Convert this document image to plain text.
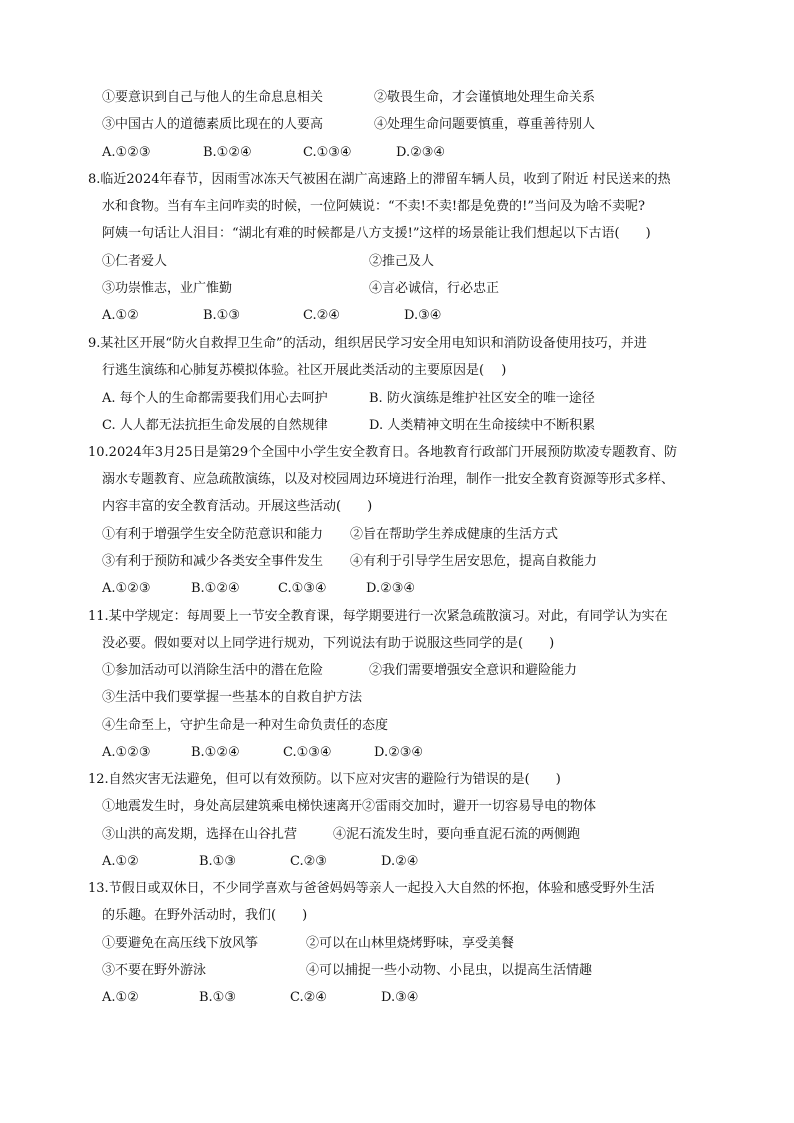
①要意识到自己与他人的生命息息相关	②敬畏生命，才会谨慎地处理生命关系
③中国古人的道德素质比现在的人要高	④处理生命问题要慎重，尊重善待别人
A.①②③	B.①②④	C.①③④	D.②③④
8.临近2024年春节，因雨雪冰冻天气被困在湖广高速路上的滞留车辆人员，收到了附近 村民送来的热
水和食物。当有车主问咋卖的时候，一位阿姨说：“不卖!不卖!都是免费的!”当问及为啥不卖呢?
阿姨一句话让人泪目：“湖北有难的时候都是八方支援!”这样的场景能让我们想起以下古语(　　)
①仁者爱人	②推己及人
③功崇惟志，业广惟勤	④言必诚信，行必忠正
A.①②	B.①③	C.②④	D.③④
9.某社区开展“防火自救捍卫生命”的活动，组织居民学习安全用电知识和消防设备使用技巧，并进
行逃生演练和心肺复苏模拟体验。社区开展此类活动的主要原因是(　 )
A. 每个人的生命都需要我们用心去呵护	B. 防火演练是维护社区安全的唯一途径
C. 人人都无法抗拒生命发展的自然规律	D. 人类精神文明在生命接续中不断积累
10.2024年3月25日是第29个全国中小学生安全教育日。各地教育行政部门开展预防欺凌专题教育、防
溺水专题教育、应急疏散演练，以及对校园周边环境进行治理，制作一批安全教育资源等形式多样、
内容丰富的安全教育活动。开展这些活动(　　)
①有利于增强学生安全防范意识和能力 ②旨在帮助学生养成健康的生活方式
③有利于预防和减少各类安全事件发生 ④有利于引导学生居安思危，提高自救能力
A.①②③	B.①②④	C.①③④	D.②③④
11.某中学规定：每周要上一节安全教育课，每学期要进行一次紧急疏散演习。对此，有同学认为实在
没必要。假如要对以上同学进行规劝，下列说法有助于说服这些同学的是(　　)
①参加活动可以消除生活中的潜在危险	②我们需要增强安全意识和避险能力
③生活中我们要掌握一些基本的自救自护方法
④生命至上，守护生命是一种对生命负责任的态度
A.①②③	B.①②④	C.①③④	D.②③④
12.自然灾害无法避免，但可以有效预防。以下应对灾害的避险行为错误的是(　　)
①地震发生时，身处高层建筑乘电梯快速离开②雷雨交加时，避开一切容易导电的物体
③山洪的高发期，选择在山谷扎营	④泥石流发生时，要向垂直泥石流的两侧跑
A.①②	B.①③	C.②③	D.②④
13.节假日或双休日，不少同学喜欢与爸爸妈妈等亲人一起投入大自然的怀抱，体验和感受野外生活
的乐趣。在野外活动时，我们(　　)
①要避免在高压线下放风筝	②可以在山林里烧烤野味，享受美餐
③不要在野外游泳	④可以捕捉一些小动物、小昆虫，以提高生活情趣
A.①②	B.①③	C.②④	D.③④
